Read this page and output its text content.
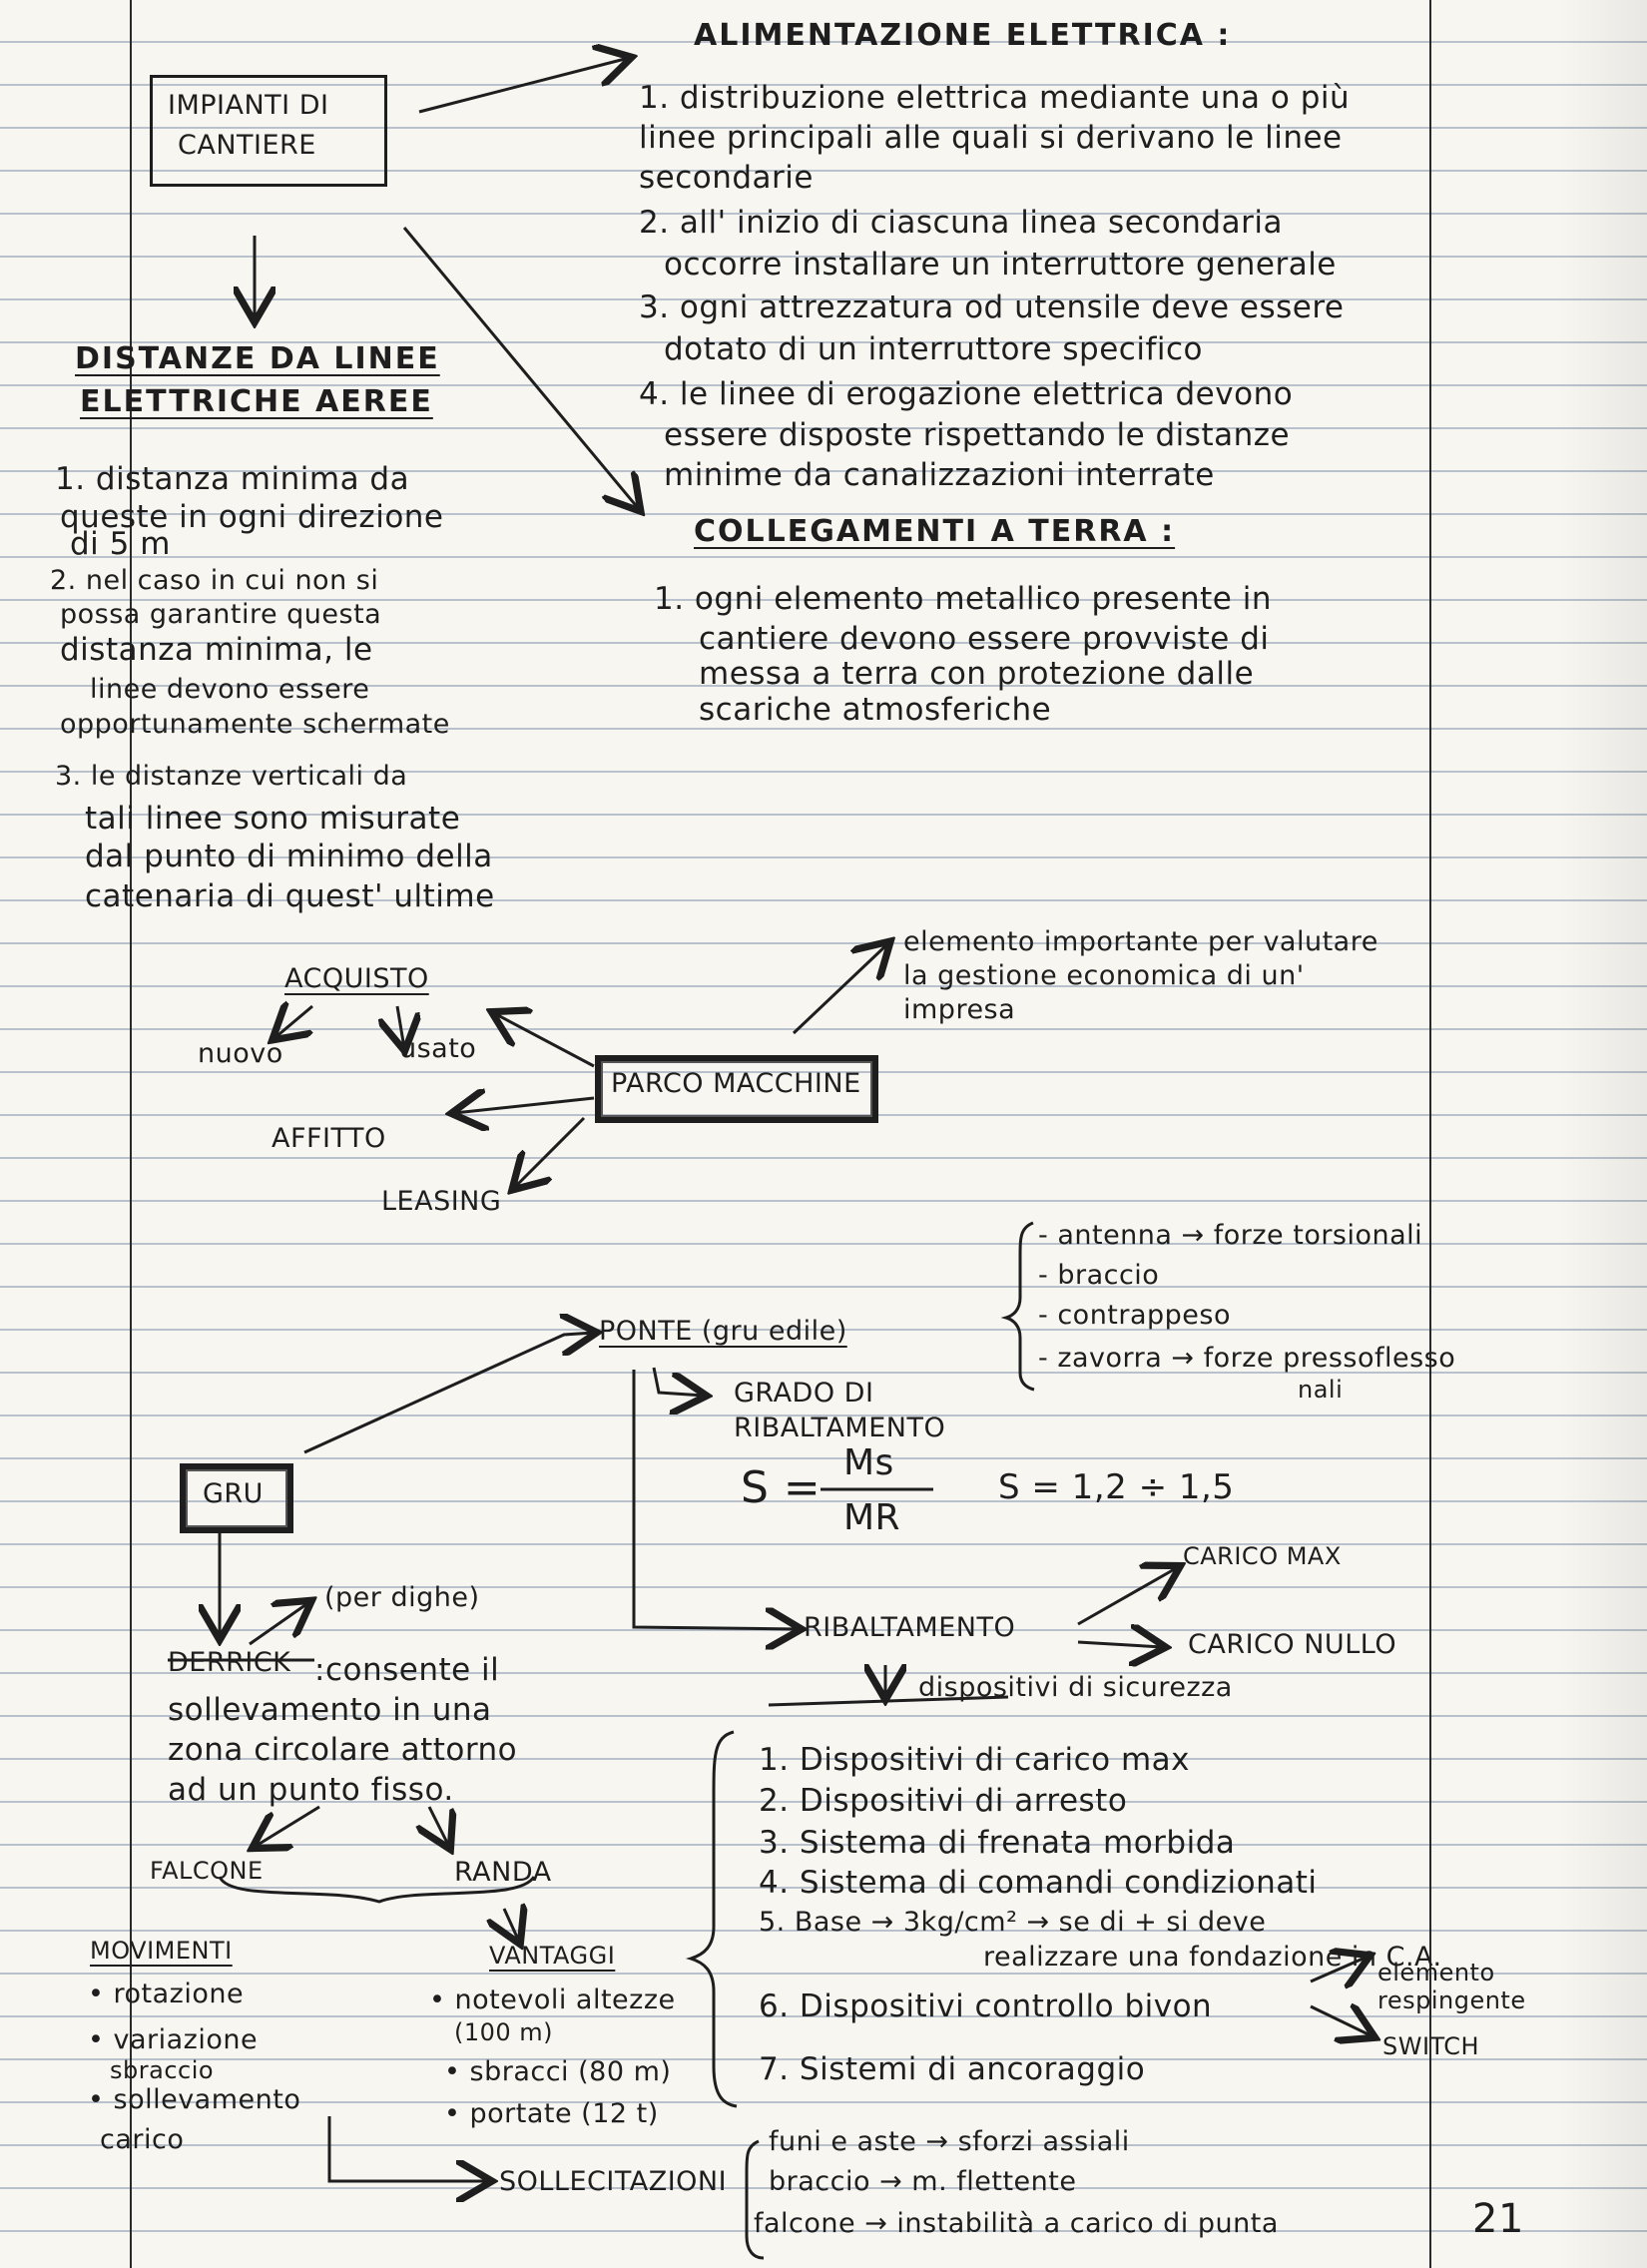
IMPIANTI DI
CANTIERE
ALIMENTAZIONE ELETTRICA :
1. distribuzione elettrica mediante una o più
linee principali alle quali si derivano le linee
secondarie
2. all' inizio di ciascuna linea secondaria
occorre installare un interruttore generale
3. ogni attrezzatura od utensile deve essere
dotato di un interruttore specifico
4. le linee di erogazione elettrica devono
essere disposte rispettando le distanze
minime da canalizzazioni interrate
COLLEGAMENTI A TERRA :
1. ogni elemento metallico presente in
cantiere devono essere provviste di
messa a terra con protezione dalle
scariche atmosferiche
DISTANZE DA LINEE
ELETTRICHE AEREE
1. distanza minima da
queste in ogni direzione
di 5 m
2. nel caso in cui non si
possa garantire questa
distanza minima, le
linee devono essere
opportunamente schermate
3. le distanze verticali da
tali linee sono misurate
dal punto di minimo della
catenaria di quest' ultime
PARCO MACCHINE
ACQUISTO
nuovo	usato
AFFITTO
LEASING
elemento importante per valutare
la gestione economica di un'
impresa
GRU
PONTE (gru edile)
GRADO DI
RIBALTAMENTO
- antenna → forze torsionali
- braccio
- contrappeso
- zavorra → forze pressoflesso
nali
S = Ms
MR
S = 1,2 ÷ 1,5
RIBALTAMENTO
CARICO MAX
CARICO NULLO
dispositivi di sicurezza
1. Dispositivi di carico max
2. Dispositivi di arresto
3. Sistema di frenata morbida
4. Sistema di comandi condizionati
5. Base → 3kg/cm² → se di + si deve
realizzare una fondazione in C.A.
6. Dispositivi controllo bivon
7. Sistemi di ancoraggio
elemento
respingente
SWITCH
(per dighe)
DERRICK :consente il
sollevamento in una
zona circolare attorno
ad un punto fisso.
FALCONE	RANDA
MOVIMENTI
• rotazione
• variazione
sbraccio
• sollevamento
carico
VANTAGGI
• notevoli altezze
(100 m)
• sbracci (80 m)
• portate (12 t)
SOLLECITAZIONI
funi e aste → sforzi assiali
braccio → m. flettente
falcone → instabilità a carico di punta	21
